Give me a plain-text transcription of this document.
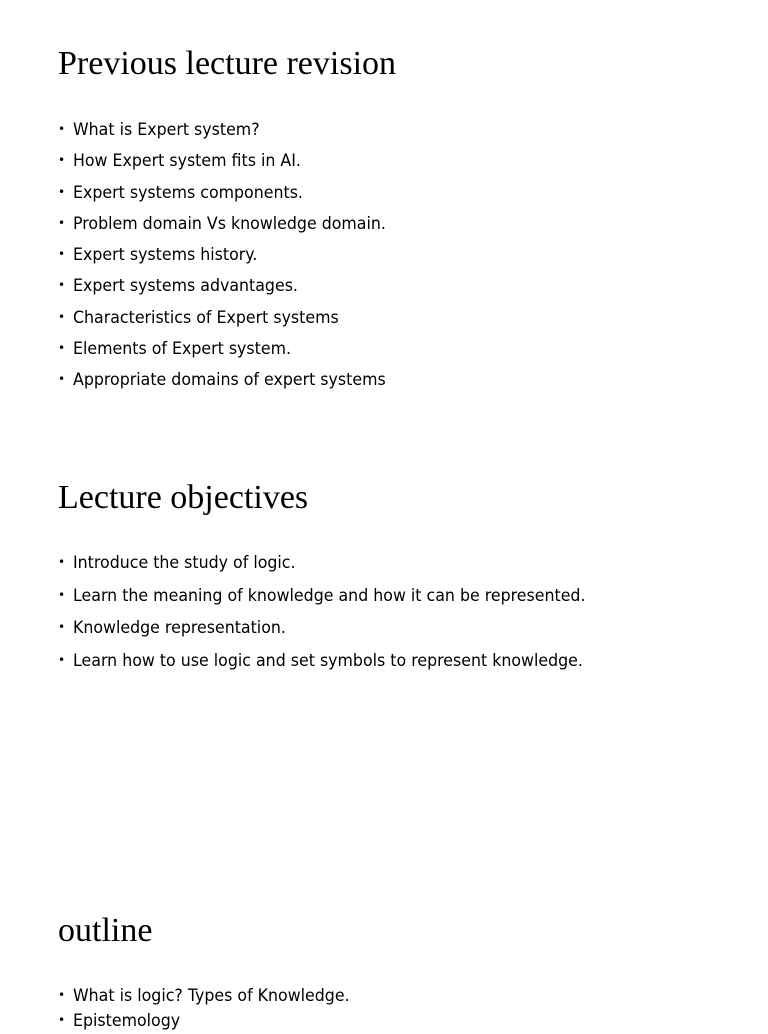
Previous lecture revision
• What is Expert system?
• How Expert system fits in AI.
• Expert systems components.
• Problem domain Vs knowledge domain.
• Expert systems history.
• Expert systems advantages.
• Characteristics of Expert systems
• Elements of Expert system.
• Appropriate domains of expert systems
Lecture objectives
• Introduce the study of logic.
• Learn the meaning of knowledge and how it can be represented.
• Knowledge representation.
• Learn how to use logic and set symbols to represent knowledge.
outline
• What is logic? Types of Knowledge.
• Epistemology
